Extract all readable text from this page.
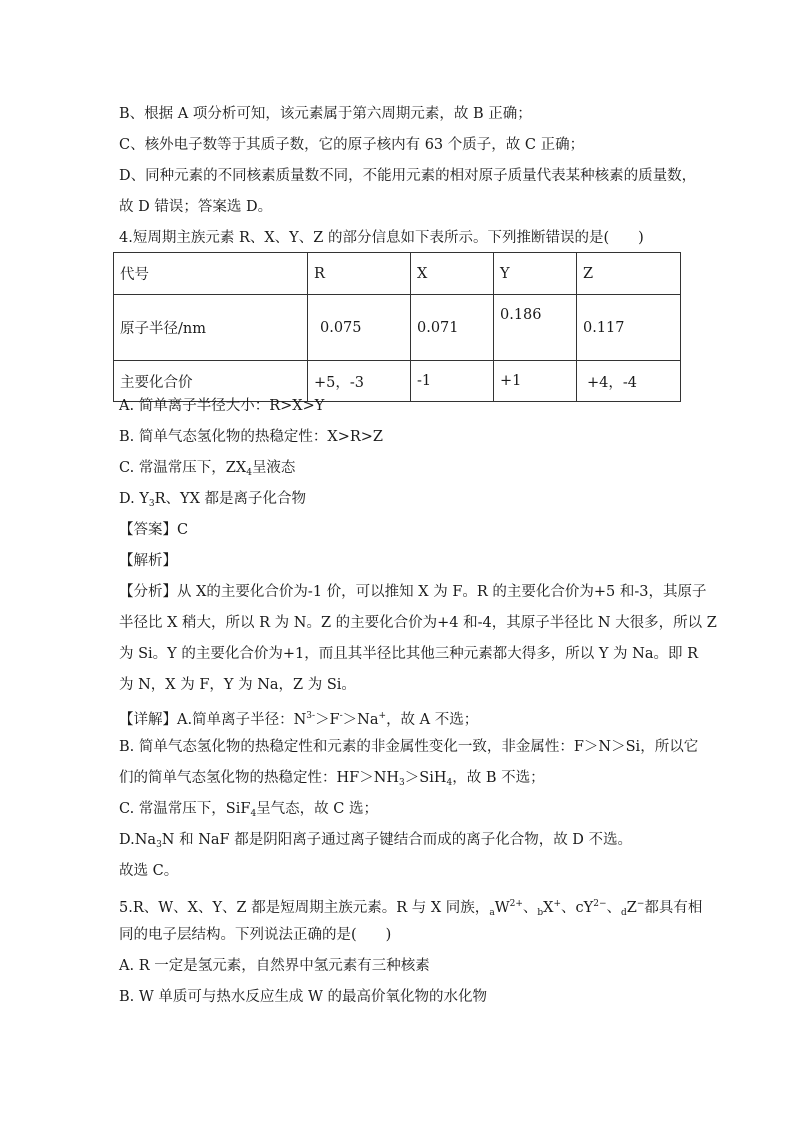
B、根据 A 项分析可知，该元素属于第六周期元素，故 B 正确；
C、核外电子数等于其质子数，它的原子核内有 63 个质子，故 C 正确；
D、同种元素的不同核素质量数不同，不能用元素的相对原子质量代表某种核素的质量数，
故 D 错误；答案选 D。
4.短周期主族元素 R、X、Y、Z 的部分信息如下表所示。下列推断错误的是(　　)
代号	R	X	Y	Z
原子半径/nm	0.075	0.071	0.186	0.117
主要化合价	+5，-3	-1	+1	+4，-4
A. 简单离子半径大小：R>X>Y
B. 简单气态氢化物的热稳定性：X>R>Z
C. 常温常压下，$ZX_4$呈液态
D. $Y_3R$、YX 都是离子化合物
【答案】C
【解析】
【分析】从 X的主要化合价为-1 价，可以推知 X 为 F。R 的主要化合价为+5 和-3，其原子
半径比 X 稍大，所以 R 为 N。Z 的主要化合价为+4 和-4，其原子半径比 N 大很多，所以 Z
为 Si。Y 的主要化合价为+1，而且其半径比其他三种元素都大得多，所以 Y 为 Na。即 R
为 N，X 为 F，Y 为 Na，Z 为 Si。
【详解】A.简单离子半径：$N^{3-}>F^->Na^+$，故 A 不选；
B. 简单气态氢化物的热稳定性和元素的非金属性变化一致，非金属性：F＞N＞Si，所以它
们的简单气态氢化物的热稳定性：$HF>NH_3>SiH_4$，故 B 不选；
C. 常温常压下，SiF$_4$呈气态，故 C 选；
$D.Na_3N$ 和 NaF 都是阴阳离子通过离子键结合而成的离子化合物，故 D 不选。
故选 C。
5.R、W、X、Y、Z 都是短周期主族元素。R 与 X 同族，$_aW^{2+}$、$_b$X+、$cY^{2-}$、$_d$Z−都具有相
同的电子层结构。下列说法正确的是(　　)
A. R 一定是氢元素，自然界中氢元素有三种核素
B. W 单质可与热水反应生成 W 的最高价氧化物的水化物
